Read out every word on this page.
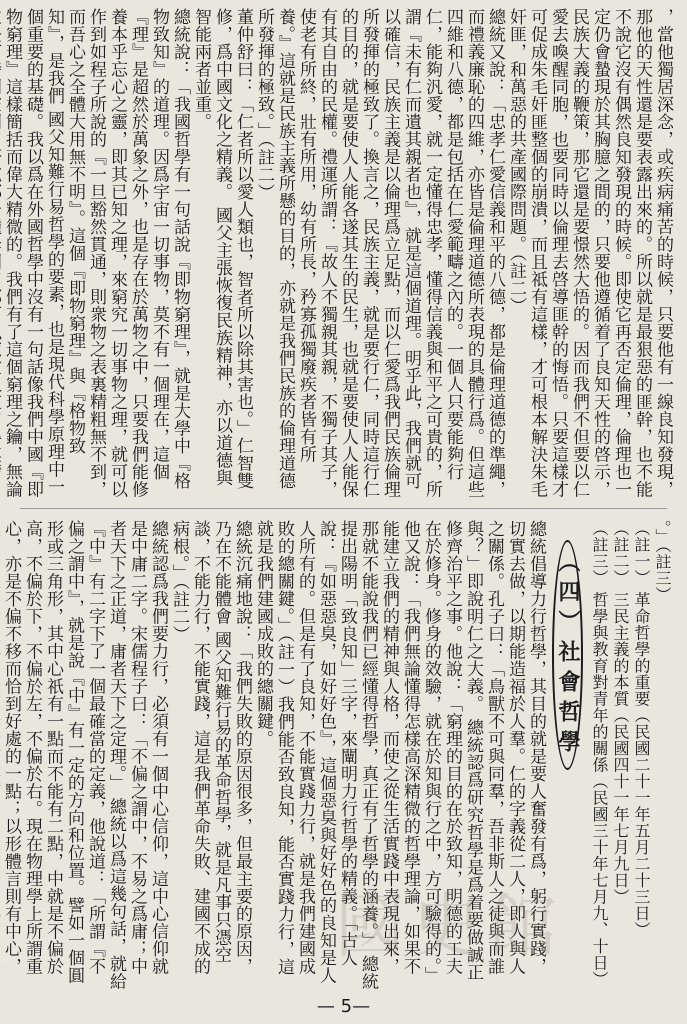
，當他獨居深念，或疾病痛苦的時候，只要他有一線良知發現，那他的天性還是要表露出來的。所以就是最狠惡的匪幹，也不能不說它沒有偶然良知發現的時候。即使它再否定倫理，倫理也一定仍會蟄現於其胸臆之間的，只要他遵循着了良知天性的啓示，民族大義的鞭策，那它還是要憬然大悟的。因而我們不但要以仁愛去喚醒同胞，也要同時以倫理去啓導匪幹的悔悟。只要這樣才可促成朱毛奸匪整個的崩潰，而且祗有這樣，才可根本解決朱毛奸匪，和萬惡的共產國際問題。（註二）

總統又說：「忠孝仁愛信義和平的八德，都是倫理道德的準繩，而禮義廉恥的四維，亦皆是倫理道德所表現的具體行爲。但這些四維和八德，都是包括在仁愛範疇之內的。一個人只要能夠行仁，能夠汎愛，就一定懂得忠孝，懂得信義與和平之可貴的，所謂『未有仁而遺其親者也』，就是這個道理。明乎此，我們就可以確信，民族主義是以倫理爲立足點，而以仁愛爲我們民族倫理所發揮的極致了。換言之，民族主義，就是要行仁，同時這行仁的目的，就是要使人人能各遂其生的民生，也就是要使人人能保有其自由的民權。禮運所謂：『故人不獨親其親，不獨子其子，使老有所終，壯有所用，幼有所長，矜寡孤獨廢疾者皆有所養。』這就是民族主義所懸的目的，亦就是我們民族的倫理道德所發揮的極致。」（註二）

董仲舒曰：「仁者所以愛人類也，智者所以除其害也。」仁智雙修，爲中國文化之精義。 國父主張恢復民族精神，亦以道德與智能兩者並重。

總統說：「我國哲學有一句話說『即物窮理』，就是大學中『格物致知』的道理。因爲宇宙一切事物，莫不有一個理在，這個『理』是超然於萬象之外，也是存在於萬物之中，只要我們能修養本乎忘心之靈，即其已知之理，來窮究一切事物之理，就可以作到如程子所說的『一旦豁然貫通，則衆物之表裏精粗無不到，而吾心之全體大用無不明』。這個『即物窮理』與『格物致知』，是我們 國父知難行易哲學的要素，也是現代科學原理中一個重要的基礎。我以爲在外國哲學中沒有一句話像我們中國『即物窮理』這樣簡括而偉大精微的。我們有了這個窮理之鑰，無論

。」（註三）

（註一） 革命哲學的重要（民國二十一年五月二十三日）

（註二） 三民主義的本質（民國四十一年七月九日）

（註三） 哲學與教育對青年的關係（民國三十年七月九、十日）

（四）社會哲學

總統倡導力行哲學，其目的就是要人奮發有爲，躬行實踐，切實去做，以期能造福於人羣。仁的字義從二人，即人與人之關係。孔子曰：「鳥獸不可與同羣，吾非斯人之徒與而誰與？」即說明仁之大義。 總統認爲研究哲學是爲着要做誠正修齊治平之事。他說：「窮理的目的在於致知，明德的工夫在於修身。修身的效驗，就在於知與行之中，方可驗得的。」他又說：「我們無論懂得怎樣高深精微的哲學理論，如果不能建立我們的精神與人格，而使之從生活實踐中表現出來，那就不能說我們已經懂得哲學，真正有了哲學的涵養。」 總統提出陽明「致良知」三字，來闡明力行哲學的精義。「古人說：『如惡惡臭，如好好色』，這個惡臭與好好色的良知是人人所有的。但是有了良知，不能實踐力行，就是我們建國成敗的總關鍵。」（註一）我們能否致良知，能否實踐力行，這就是我們建國成敗的總關鍵。

總統沉痛地說：「我們失敗的原因很多，但最主要的原因，乃在不能體會 國父知難行易的革命哲學，就是凡事只憑空談，不能力行，不能實踐，這是我們革命失敗、建國不成的病根。」（註二）

總統認爲我們要力行，必須有一個中心信仰，這中心信仰就是中庸二字。宋儒程子曰：「不偏之謂中，不易之爲庸；中者天下之正道，庸者天下之定理。」 總統以爲這幾句話，就給『中』有二字下了一個最確當的定義，他說道：「所謂『不偏之謂中』，就是說『中』有一定的方向和位置。譬如一個圓形或三角形，其中心祇有一點而不能有二點，中就是不偏於高，不偏於下，不偏於左，不偏於右。現在物理學上所謂重心，亦是不偏不移而恰到好處的一點；以形體言則有中心，	國史館
— 5 —
